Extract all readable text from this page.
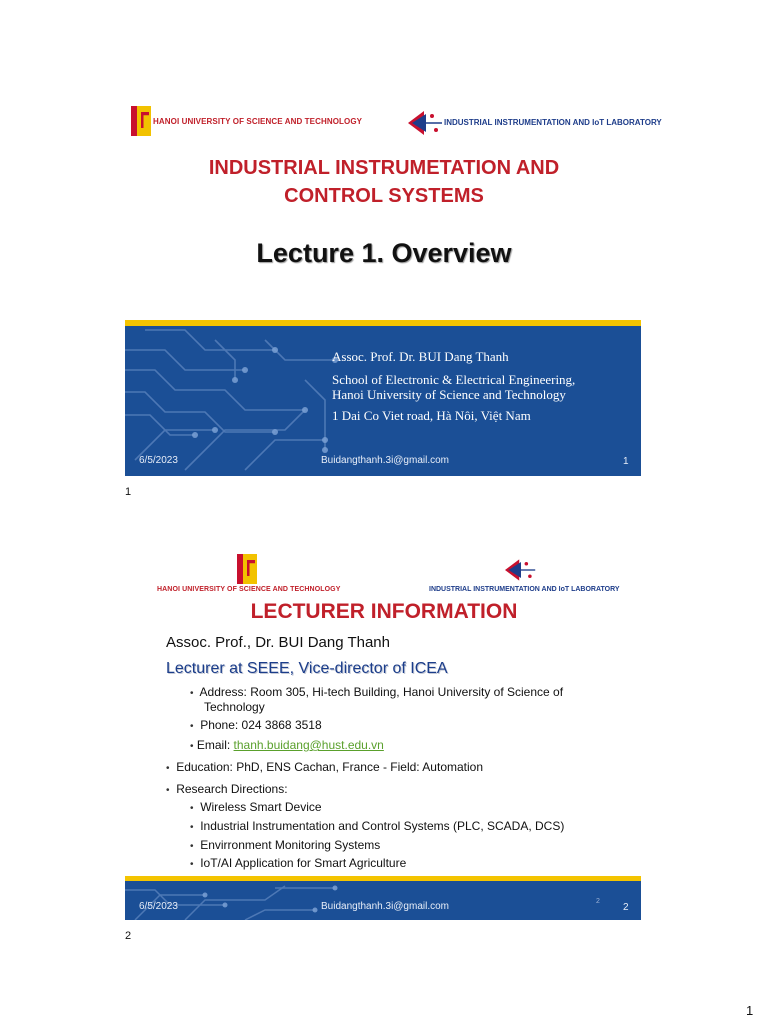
HANOI UNIVERSITY OF SCIENCE AND TECHNOLOGY	INDUSTRIAL INSTRUMENTATION AND IoT LABORATORY
INDUSTRIAL INSTRUMETATION AND
CONTROL SYSTEMS
Lecture 1. Overview
Assoc. Prof. Dr. BUI Dang Thanh
School of Electronic & Electrical Engineering,
Hanoi University of Science and Technology
1 Dai Co Viet road, Hà Nôi, Việt Nam
6/5/2023	Buidangthanh.3i@gmail.com	1
1
HANOI UNIVERSITY OF SCIENCE AND TECHNOLOGY	INDUSTRIAL INSTRUMENTATION AND IoT LABORATORY
LECTURER INFORMATION
Assoc. Prof., Dr. BUI Dang Thanh
Lecturer at SEEE, Vice-director of ICEA
• Address: Room 305, Hi-tech Building, Hanoi University of Science of
Technology
• Phone: 024 3868 3518
• Email: thanh.buidang@hust.edu.vn
• Education: PhD, ENS Cachan, France - Field: Automation
• Research Directions:
• Wireless Smart Device
• Industrial Instrumentation and Control Systems (PLC, SCADA, DCS)
• Envirronment Monitoring Systems
• IoT/AI Application for Smart Agriculture
6/5/2023	Buidangthanh.3i@gmail.com	2
2
2
1
